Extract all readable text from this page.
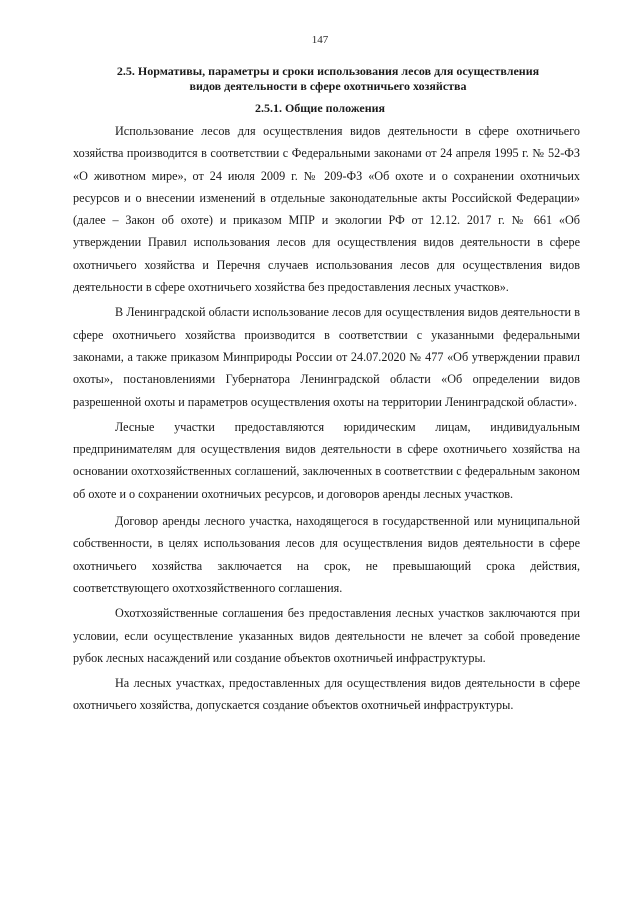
147
2.5. Нормативы, параметры и сроки использования лесов для осуществления видов деятельности в сфере охотничьего хозяйства
2.5.1. Общие положения

Использование лесов для осуществления видов деятельности в сфере охотничьего хозяйства производится в соответствии с Федеральными законами от 24 апреля 1995 г. № 52-ФЗ «О животном мире», от 24 июля 2009 г. № 209-ФЗ «Об охоте и о сохранении охотничьих ресурсов и о внесении изменений в отдельные законодательные акты Российской Федерации» (далее – Закон об охоте) и приказом МПР и экологии РФ от 12.12. 2017 г. № 661 «Об утверждении Правил использования лесов для осуществления видов деятельности в сфере охотничьего хозяйства и Перечня случаев использования лесов для осуществления видов деятельности в сфере охотничьего хозяйства без предоставления лесных участков».

В Ленинградской области использование лесов для осуществления видов деятельности в сфере охотничьего хозяйства производится в соответствии с указанными федеральными законами, а также приказом Минприроды России от 24.07.2020 № 477 «Об утверждении правил охоты», постановлениями Губернатора Ленинградской области «Об определении видов разрешенной охоты и параметров осуществления охоты на территории Ленинградской области».

Лесные участки предоставляются юридическим лицам, индивидуальным предпринимателям для осуществления видов деятельности в сфере охотничьего хозяйства на основании охотхозяйственных соглашений, заключенных в соответствии с федеральным законом об охоте и о сохранении охотничьих ресурсов, и договоров аренды лесных участков.

Договор аренды лесного участка, находящегося в государственной или муниципальной собственности, в целях использования лесов для осуществления видов деятельности в сфере охотничьего хозяйства заключается на срок, не превышающий срока действия, соответствующего охотхозяйственного соглашения.

Охотхозяйственные соглашения без предоставления лесных участков заключаются при условии, если осуществление указанных видов деятельности не влечет за собой проведение рубок лесных насаждений или создание объектов охотничьей инфраструктуры.

На лесных участках, предоставленных для осуществления видов деятельности в сфере охотничьего хозяйства, допускается создание объектов охотничьей инфраструктуры.
